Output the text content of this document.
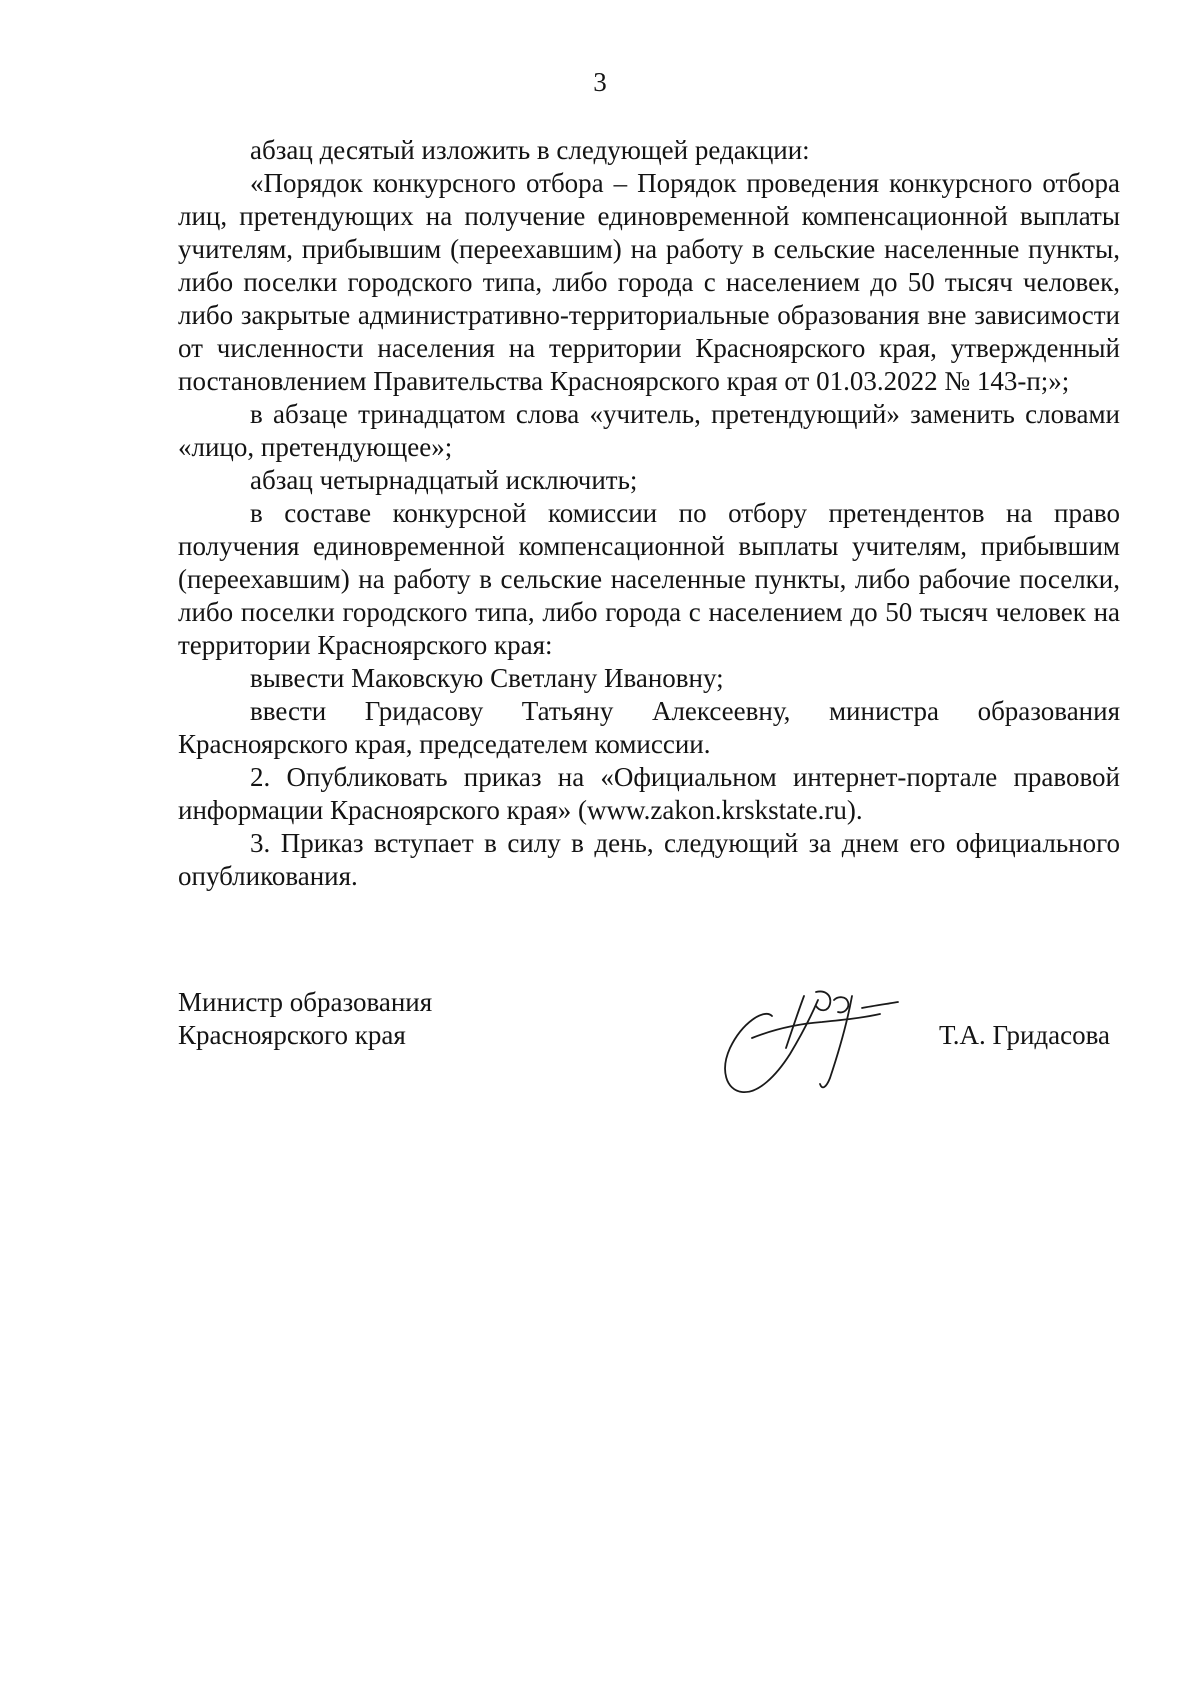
3

абзац десятый изложить в следующей редакции:

«Порядок конкурсного отбора – Порядок проведения конкурсного отбора лиц, претендующих на получение единовременной компенсационной выплаты учителям, прибывшим (переехавшим) на работу в сельские населенные пункты, либо поселки городского типа, либо города с населением до 50 тысяч человек, либо закрытые административно-территориальные образования вне зависимости от численности населения на территории Красноярского края, утвержденный постановлением Правительства Красноярского края от 01.03.2022 № 143-п;»;

в абзаце тринадцатом слова «учитель, претендующий» заменить словами «лицо, претендующее»;

абзац четырнадцатый исключить;

в составе конкурсной комиссии по отбору претендентов на право получения единовременной компенсационной выплаты учителям, прибывшим (переехавшим) на работу в сельские населенные пункты, либо рабочие поселки, либо поселки городского типа, либо города с населением до 50 тысяч человек на территории Красноярского края:

вывести Маковскую Светлану Ивановну;

ввести Гридасову Татьяну Алексеевну, министра образования Красноярского края, председателем комиссии.

2. Опубликовать приказ на «Официальном интернет-портале правовой информации Красноярского края» (www.zakon.krskstate.ru).

3. Приказ вступает в силу в день, следующий за днем его официального опубликования.

Министр образования
Красноярского края	Т.А. Гридасова
